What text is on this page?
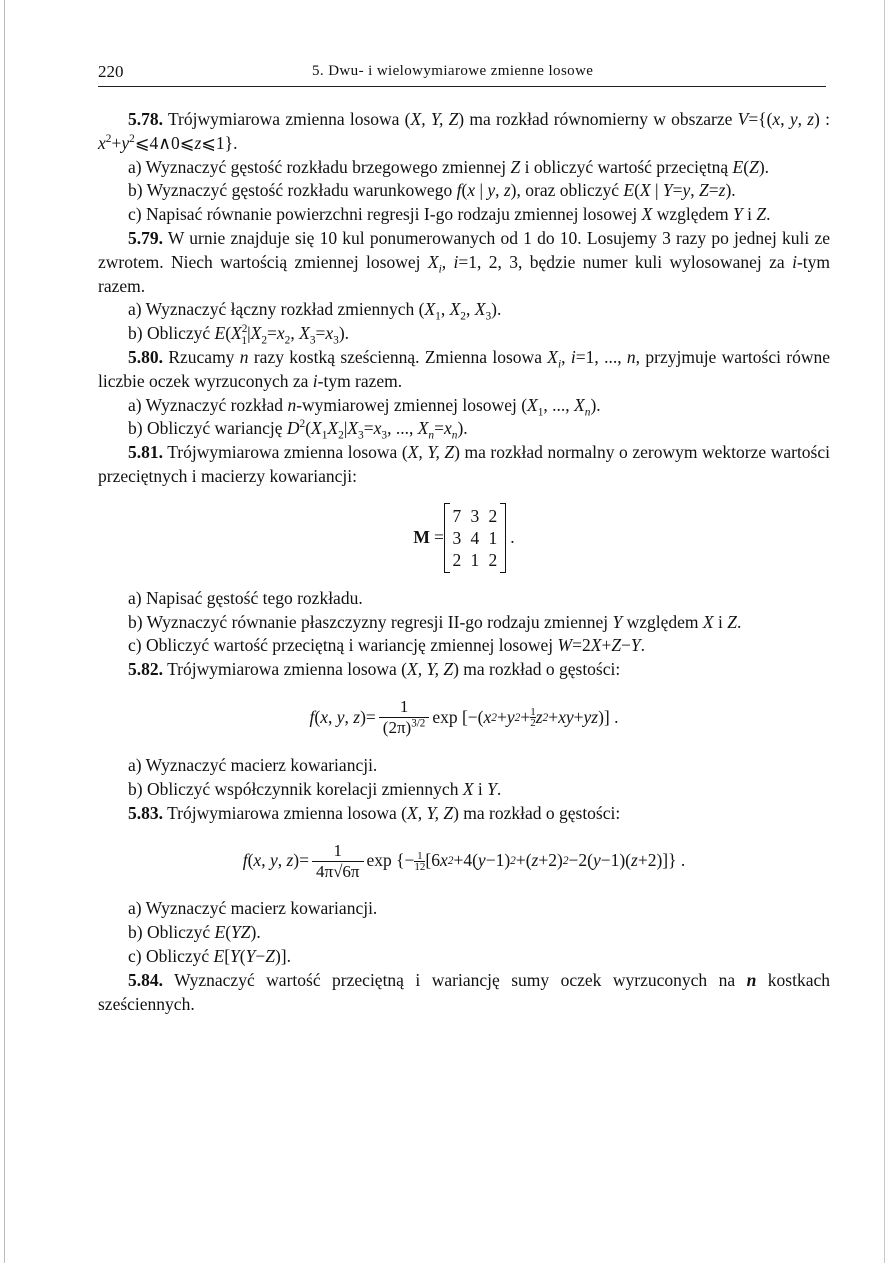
220	5. Dwu- i wielowymiarowe zmienne losowe

5.78. Trójwymiarowa zmienna losowa (X, Y, Z) ma rozkład równomierny w obszarze V={(x, y, z) : $x^2+y^2⩽4\wedge 0⩽z⩽1$}.

a) Wyznaczyć gęstość rozkładu brzegowego zmiennej Z i obliczyć wartość przeciętną E(Z).

b) Wyznaczyć gęstość rozkładu warunkowego f(x | y, z), oraz obliczyć E(X | Y=y, Z=z).

c) Napisać równanie powierzchni regresji I-go rodzaju zmiennej losowej X względem Y i Z.

5.79. W urnie znajduje się 10 kul ponumerowanych od 1 do 10. Losujemy 3 razy po jednej kuli ze zwrotem. Niech wartością zmiennej losowej $X_i$, i=1, 2, 3, będzie numer kuli wylosowanej za i-tym razem.

a) Wyznaczyć łączny rozkład zmiennych ($X_1$, $X_2$, $X_3$).

b) Obliczyć $E(X^2_1|X_2=x_2$, $X_3=x_3$).

5.80. Rzucamy n razy kostką sześcienną. Zmienna losowa $X_i$, i=1, ..., n, przyjmuje wartości równe liczbie oczek wyrzuconych za i-tym razem.

a) Wyznaczyć rozkład n-wymiarowej zmiennej losowej ($X_1$, ..., $X_n$).

b) Obliczyć wariancję $D^2(X_1X_2|X_3=x_3$, ..., $X_n=x_n$).

5.81. Trójwymiarowa zmienna losowa (X, Y, Z) ma rozkład normalny o zerowym wektorze wartości przeciętnych i macierzy kowariancji:

M =
7 3 2
3 4 1
2 1 2
.

a) Napisać gęstość tego rozkładu.

b) Wyznaczyć równanie płaszczyzny regresji II-go rodzaju zmiennej Y względem X i Z.

c) Obliczyć wartość przeciętną i wariancję zmiennej losowej W=2X+Z−Y.

5.82. Trójwymiarowa zmienna losowa (X, Y, Z) ma rozkład o gęstości:

f ( x , y , z )= $\frac{1}{(2\pi)^{3/2}}$ exp [−( x 2 + y $2 + \frac{1}{2}$ z 2 + xy + yz )] .

a) Wyznaczyć macierz kowariancji.

b) Obliczyć współczynnik korelacji zmiennych X i Y.

5.83. Trójwymiarowa zmienna losowa (X, Y, Z) ma rozkład o gęstości:

f ( x , y , z )= $\frac{1}{4\pi√6\pi}$ exp {− $\frac{1}{12} [6$ x 2 +4( y −1) 2 +( z +2) 2 −2( y −1)( z +2)]} .

a) Wyznaczyć macierz kowariancji.

b) Obliczyć E(YZ).

c) Obliczyć E[Y(Y−Z)].

5.84. Wyznaczyć wartość przeciętną i wariancję sumy oczek wyrzuconych na n kostkach sześciennych.
